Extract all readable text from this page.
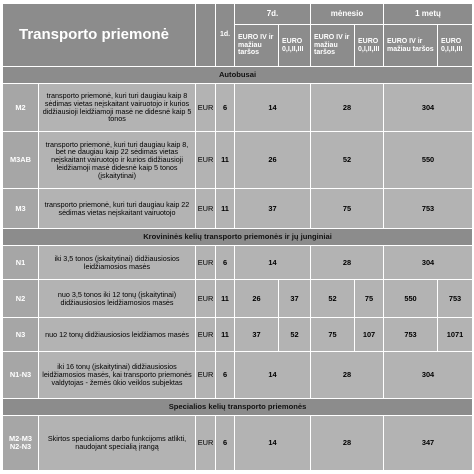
Transporto priemonė			1d.	7d.		mėnesio		1 metų	
				EURO IV ir mažiau taršos	EURO 0,I,II,III	EURO IV ir mažiau taršos	EURO 0,I,II,III	EURO IV ir mažiau taršos	EURO 0,I,II,III
Autobusai									
M2	transporto priemonė, kuri turi daugiau kaip 8 sėdimas vietas neįskaitant vairuotojo ir kurios didžiausioji leidžiamoji masė ne didesnė kaip 5 tonos	EUR	6	14		28		304	
M3AB	transporto priemonė, kuri turi daugiau kaip 8, bet ne daugiau kaip 22 sėdimas vietas neįskaitant vairuotojo ir kurios didžiausioji leidžiamoji masė didesnė kaip 5 tonos (įskaitytinai)	EUR	11	26		52		550	
M3	transporto priemonė, kuri turi daugiau kaip 22 sėdimas vietas neįskaitant vairuotojo	EUR	11	37		75		753	
Krovininės kelių transporto priemonės ir jų junginiai									
N1	iki 3,5 tonos (įskaitytinai) didžiausiosios leidžiamosios masės	EUR	6	14		28		304	
N2	nuo 3,5 tonos iki 12 tonų (įskaitytinai) didžiausiosios leidžiamosios masės	EUR	11	26	37	52	75	550	753
N3	nuo 12 tonų didžiausiosios leidžiamos masės	EUR	11	37	52	75	107	753	1071
N1-N3	iki 16 tonų (įskaitytinai) didžiausiosios leidžiamosios masės, kai transporto priemonės valdytojas - žemės ūkio veiklos subjektas	EUR	6	14		28		304	
Specialios kelių transporto priemonės									
M2-M3 N2-N3	Skirtos specialioms darbo funkcijoms atlikti, naudojant specialią įrangą	EUR	6	14		28		347	
